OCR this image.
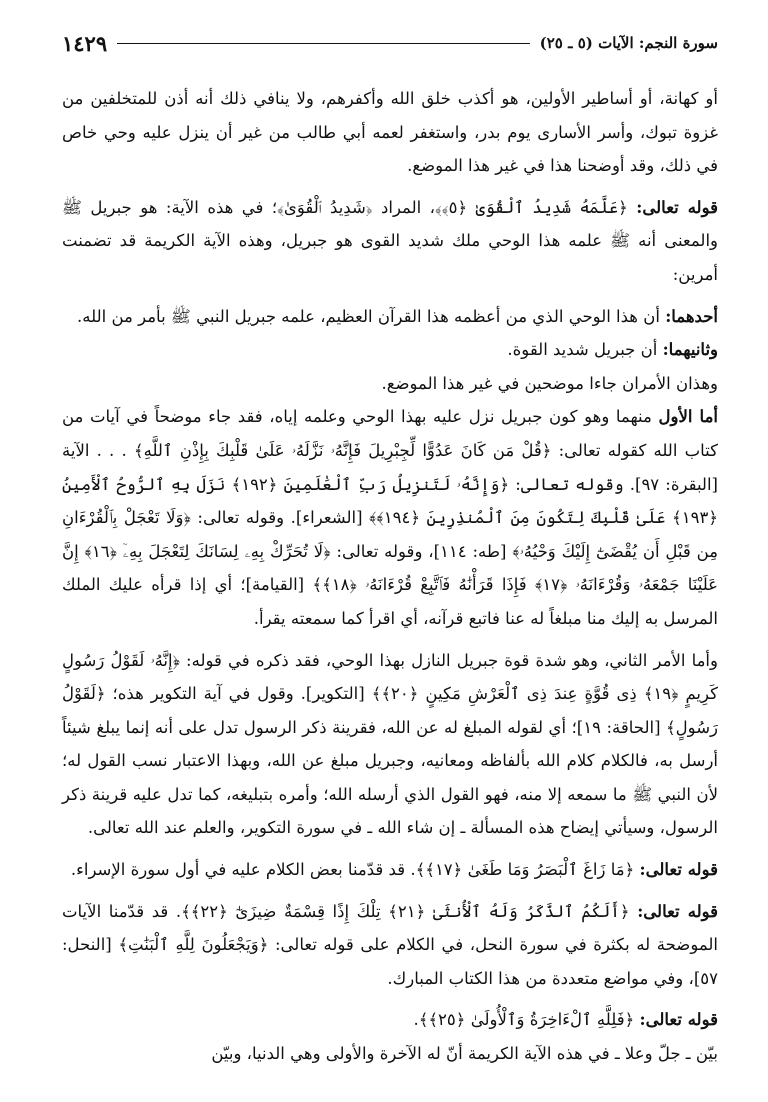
سورة النجم: الآيات (٥ ـ ٢٥)
١٤٢٩

أو كهانة، أو أساطير الأولين، هو أكذب خلق الله وأكفرهم، ولا ينافي ذلك أنه أذن للمتخلفين من غزوة تبوك، وأسر الأسارى يوم بدر، واستغفر لعمه أبي طالب من غير أن ينزل عليه وحي خاص في ذلك، وقد أوضحنا هذا في غير هذا الموضع.

قوله تعالى: ﴿عَلَّمَهُ شَدِيدُ ٱلْقُوَىٰ ﴿٥﴾﴾، المراد ﴿شَدِيدُ ٱلْقُوَىٰ﴾؛ في هذه الآية: هو جبريل ﷺ والمعنى أنه ﷺ علمه هذا الوحي ملك شديد القوى هو جبريل، وهذه الآية الكريمة قد تضمنت أمرين:

أحدهما: أن هذا الوحي الذي من أعظمه هذا القرآن العظيم، علمه جبريل النبي ﷺ بأمر من الله.

وثانيهما: أن جبريل شديد القوة.

وهذان الأمران جاءا موضحين في غير هذا الموضع.

أما الأول منهما وهو كون جبريل نزل عليه بهذا الوحي وعلمه إياه، فقد جاء موضحاً في آيات من كتاب الله كقوله تعالى: ﴿قُلْ مَن كَانَ عَدُوًّا لِّجِبْرِيلَ فَإِنَّهُۥ نَزَّلَهُۥ عَلَىٰ قَلْبِكَ بِإِذْنِ ٱللَّهِ﴾ . . . الآية [البقرة: ٩٧]. وقوله تعالى: ﴿وَإِنَّهُۥ لَتَنزِيلُ رَبِّ ٱلْعَٰلَمِينَ ﴿١٩٢﴾ نَزَلَ بِهِ ٱلرُّوحُ ٱلْأَمِينُ ﴿١٩٣﴾ عَلَىٰ قَلْبِكَ لِتَكُونَ مِنَ ٱلْمُنذِرِينَ ﴿١٩٤﴾﴾ [الشعراء]. وقوله تعالى: ﴿وَلَا تَعْجَلْ بِٱلْقُرْءَانِ مِن قَبْلِ أَن يُقْضَىٰٓ إِلَيْكَ وَحْيُهُۥ﴾ [طه: ١١٤]، وقوله تعالى: ﴿لَا تُحَرِّكْ بِهِۦ لِسَانَكَ لِتَعْجَلَ بِهِۦٓ ﴿١٦﴾ إِنَّ عَلَيْنَا جَمْعَهُۥ وَقُرْءَانَهُۥ ﴿١٧﴾ فَإِذَا قَرَأْنَٰهُ فَٱتَّبِعْ قُرْءَانَهُۥ ﴿١٨﴾﴾ [القيامة]؛ أي إذا قرأه عليك الملك المرسل به إليك منا مبلغاً له عنا فاتبع قرآنه، أي اقرأ كما سمعته يقرأ.

وأما الأمر الثاني، وهو شدة قوة جبريل النازل بهذا الوحي، فقد ذكره في قوله: ﴿إِنَّهُۥ لَقَوْلُ رَسُولٍ كَرِيمٍ ﴿١٩﴾ ذِى قُوَّةٍ عِندَ ذِى ٱلْعَرْشِ مَكِينٍ ﴿٢٠﴾﴾ [التكوير]. وقول في آية التكوير هذه؛ ﴿لَقَوْلُ رَسُولٍ﴾ [الحاقة: ١٩]؛ أي لقوله المبلغ له عن الله، فقرينة ذكر الرسول تدل على أنه إنما يبلغ شيئاً أرسل به، فالكلام كلام الله بألفاظه ومعانيه، وجبريل مبلغ عن الله، وبهذا الاعتبار نسب القول له؛ لأن النبي ﷺ ما سمعه إلا منه، فهو القول الذي أرسله الله؛ وأمره بتبليغه، كما تدل عليه قرينة ذكر الرسول، وسيأتي إيضاح هذه المسألة ـ إن شاء الله ـ في سورة التكوير، والعلم عند الله تعالى.

قوله تعالى: ﴿مَا زَاغَ ٱلْبَصَرُ وَمَا طَغَىٰ ﴿١٧﴾﴾. قد قدّمنا بعض الكلام عليه في أول سورة الإسراء.

قوله تعالى: ﴿أَلَكُمُ ٱلذَّكَرُ وَلَهُ ٱلْأُنثَىٰ ﴿٢١﴾ تِلْكَ إِذًا قِسْمَةٌ ضِيزَىٰٓ ﴿٢٢﴾﴾. قد قدّمنا الآيات الموضحة له بكثرة في سورة النحل، في الكلام على قوله تعالى: ﴿وَيَجْعَلُونَ لِلَّهِ ٱلْبَنَٰتِ﴾ [النحل: ٥٧]، وفي مواضع متعددة من هذا الكتاب المبارك.

قوله تعالى: ﴿فَلِلَّهِ ٱلْءَاخِرَةُ وَٱلْأُولَىٰ ﴿٢٥﴾﴾.

بيّن ـ جلّ وعلا ـ في هذه الآية الكريمة أنّ له الآخرة والأولى وهي الدنيا، وبيّن
